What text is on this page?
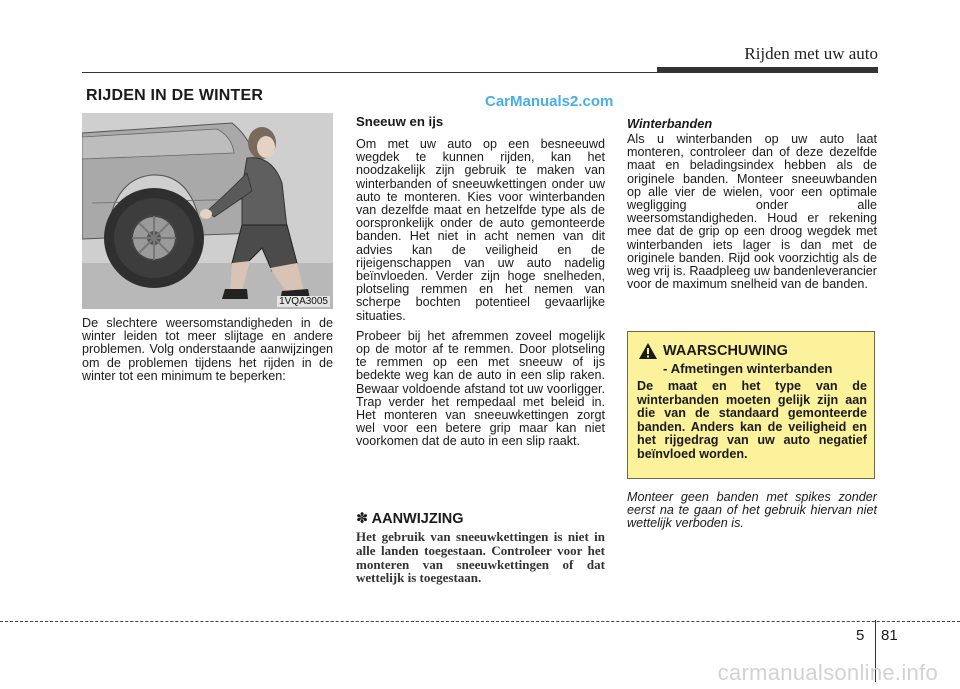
Rijden met uw auto
RIJDEN IN DE WINTER	CarManuals2.com
1VQA3005
De slechtere weersomstandigheden in de winter leiden tot meer slijtage en andere problemen. Volg onderstaande aanwijzingen om de problemen tijdens het rijden in de winter tot een minimum te beperken:
Sneeuw en ijs

Om met uw auto op een besneeuwd wegdek te kunnen rijden, kan het noodzakelijk zijn gebruik te maken van winterbanden of sneeuwkettingen onder uw auto te monteren. Kies voor winterbanden van dezelfde maat en hetzelfde type als de oorspronkelijk onder de auto gemonteerde banden. Het niet in acht nemen van dit advies kan de veiligheid en de rijeigenschappen van uw auto nadelig beïnvloeden. Verder zijn hoge snelheden, plotseling remmen en het nemen van scherpe bochten potentieel gevaarlijke situaties.

Probeer bij het afremmen zoveel mogelijk op de motor af te remmen. Door plotseling te remmen op een met sneeuw of ijs bedekte weg kan de auto in een slip raken. Bewaar voldoende afstand tot uw voorligger. Trap verder het rempedaal met beleid in. Het monteren van sneeuwkettingen zorgt wel voor een betere grip maar kan niet voorkomen dat de auto in een slip raakt.

✽ AANWIJZING
Het gebruik van sneeuwkettingen is niet in alle landen toegestaan. Controleer voor het monteren van sneeuwkettingen of dat wettelijk is toegestaan.
Winterbanden

Als u winterbanden op uw auto laat monteren, controleer dan of deze dezelfde maat en beladingsindex hebben als de originele banden. Monteer sneeuwbanden op alle vier de wielen, voor een optimale wegligging onder alle weersomstandigheden. Houd er rekening mee dat de grip op een droog wegdek met winterbanden iets lager is dan met de originele banden. Rijd ook voorzichtig als de weg vrij is. Raadpleeg uw bandenleverancier voor de maximum snelheid van de banden.

WAARSCHUWING
- Afmetingen winterbanden
De maat en het type van de winterbanden moeten gelijk zijn aan die van de standaard gemonteerde banden. Anders kan de veiligheid en het rijgedrag van uw auto negatief beïnvloed worden.
Monteer geen banden met spikes zonder eerst na te gaan of het gebruik hiervan niet wettelijk verboden is.
5 81
carmanualsonline.info
